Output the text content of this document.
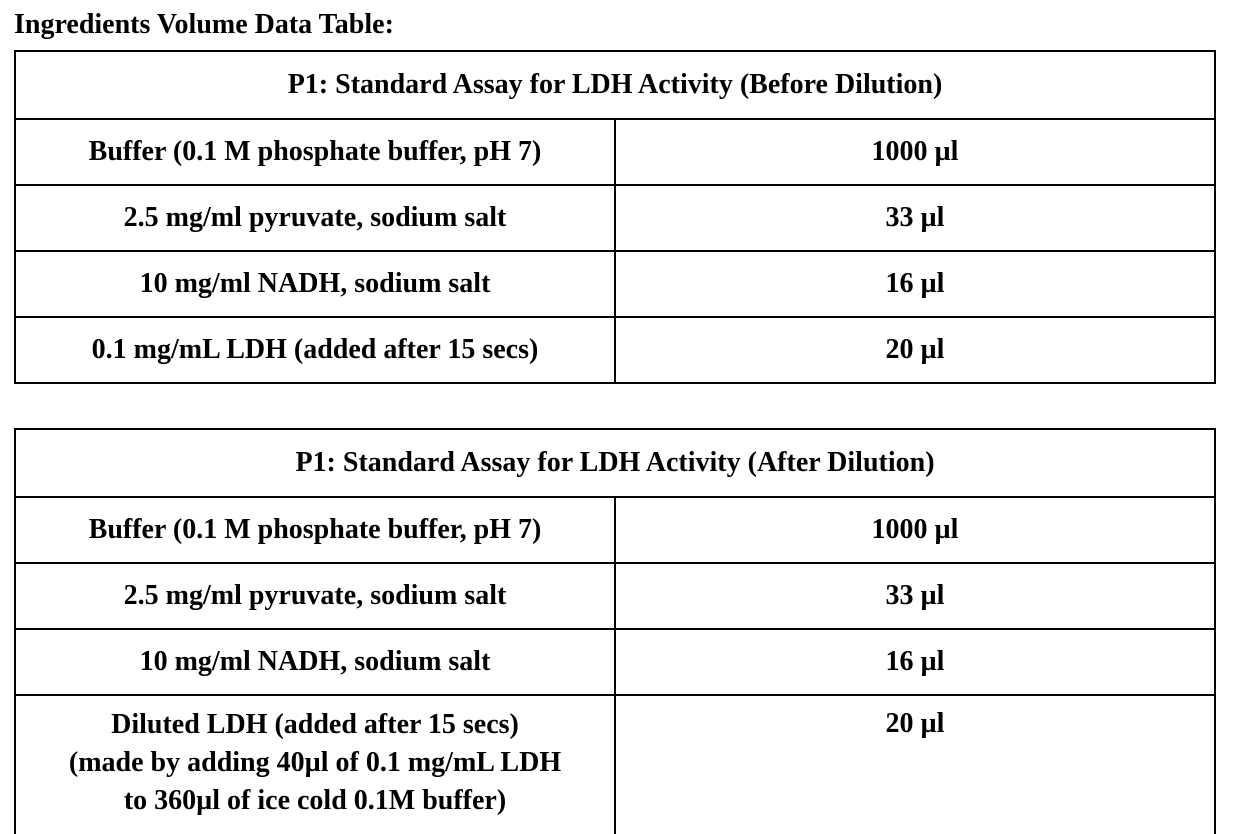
Ingredients Volume Data Table:
P1: Standard Assay for LDH Activity (Before Dilution)	
Buffer (0.1 M phosphate buffer, pH 7)	1000 µl
2.5 mg/ml pyruvate, sodium salt	33 µl
10 mg/ml NADH, sodium salt	16 µl
0.1 mg/mL LDH (added after 15 secs)	20 µl
P1: Standard Assay for LDH Activity (After Dilution)	
Buffer (0.1 M phosphate buffer, pH 7)	1000 µl
2.5 mg/ml pyruvate, sodium salt	33 µl
10 mg/ml NADH, sodium salt	16 µl

Diluted LDH (added after 15 secs)
(made by adding 40µl of 0.1 mg/mL LDH
to 360µl of ice cold 0.1M buffer)	20 µl
